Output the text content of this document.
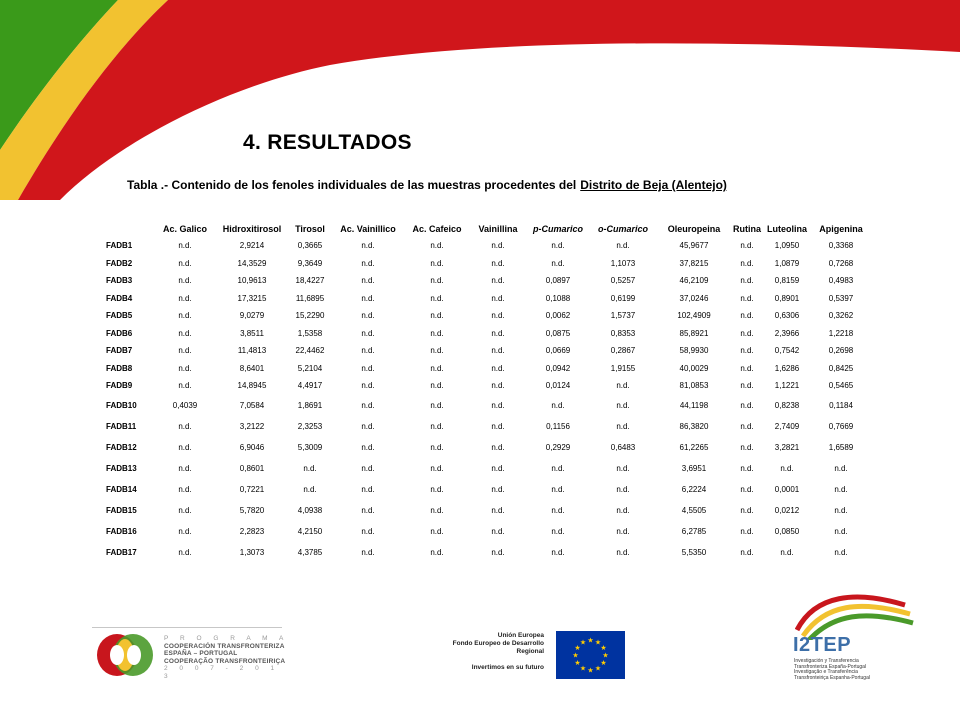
4. RESULTADOS
Tabla .- Contenido de los fenoles individuales de las muestras procedentes del Distrito de Beja (Alentejo)
	Ac. Galico	Hidroxitirosol	Tirosol	Ac. Vainillico	Ac. Cafeico	Vainillina	p-Cumarico	o-Cumarico	Oleuropeina	Rutina	Luteolina	Apigenina
FADB1	n.d.	2,9214	0,3665	n.d.	n.d.	n.d.	n.d.	n.d.	45,9677	n.d.	1,0950	0,3368
FADB2	n.d.	14,3529	9,3649	n.d.	n.d.	n.d.	n.d.	1,1073	37,8215	n.d.	1,0879	0,7268
FADB3	n.d.	10,9613	18,4227	n.d.	n.d.	n.d.	0,0897	0,5257	46,2109	n.d.	0,8159	0,4983
FADB4	n.d.	17,3215	11,6895	n.d.	n.d.	n.d.	0,1088	0,6199	37,0246	n.d.	0,8901	0,5397
FADB5	n.d.	9,0279	15,2290	n.d.	n.d.	n.d.	0,0062	1,5737	102,4909	n.d.	0,6306	0,3262
FADB6	n.d.	3,8511	1,5358	n.d.	n.d.	n.d.	0,0875	0,8353	85,8921	n.d.	2,3966	1,2218
FADB7	n.d.	11,4813	22,4462	n.d.	n.d.	n.d.	0,0669	0,2867	58,9930	n.d.	0,7542	0,2698
FADB8	n.d.	8,6401	5,2104	n.d.	n.d.	n.d.	0,0942	1,9155	40,0029	n.d.	1,6286	0,8425
FADB9	n.d.	14,8945	4,4917	n.d.	n.d.	n.d.	0,0124	n.d.	81,0853	n.d.	1,1221	0,5465
FADB10	0,4039	7,0584	1,8691	n.d.	n.d.	n.d.	n.d.	n.d.	44,1198	n.d.	0,8238	0,1184
FADB11	n.d.	3,2122	2,3253	n.d.	n.d.	n.d.	0,1156	n.d.	86,3820	n.d.	2,7409	0,7669
FADB12	n.d.	6,9046	5,3009	n.d.	n.d.	n.d.	0,2929	0,6483	61,2265	n.d.	3,2821	1,6589
FADB13	n.d.	0,8601	n.d.	n.d.	n.d.	n.d.	n.d.	n.d.	3,6951	n.d.	n.d.	n.d.
FADB14	n.d.	0,7221	n.d.	n.d.	n.d.	n.d.	n.d.	n.d.	6,2224	n.d.	0,0001	n.d.
FADB15	n.d.	5,7820	4,0938	n.d.	n.d.	n.d.	n.d.	n.d.	4,5505	n.d.	0,0212	n.d.
FADB16	n.d.	2,2823	4,2150	n.d.	n.d.	n.d.	n.d.	n.d.	6,2785	n.d.	0,0850	n.d.
FADB17	n.d.	1,3073	4,3785	n.d.	n.d.	n.d.	n.d.	n.d.	5,5350	n.d.	n.d.	n.d.
P R O G R A M A
COOPERACIÓN TRANSFRONTERIZA
ESPAÑA – PORTUGAL
COOPERAÇÃO TRANSFRONTEIRIÇA
2 0 0 7 - 2 0 1 3
Unión Europea
Fondo Europeo de Desarrollo
Regional
Invertimos en su futuro
★
★
★
★
★
★
★
★
★ ★ ★
★	I2TEP
Investigación y Transferencia
Transfronteriza España-Portugal
Investigação e Transferência
Transfronteiriça Espanha-Portugal
